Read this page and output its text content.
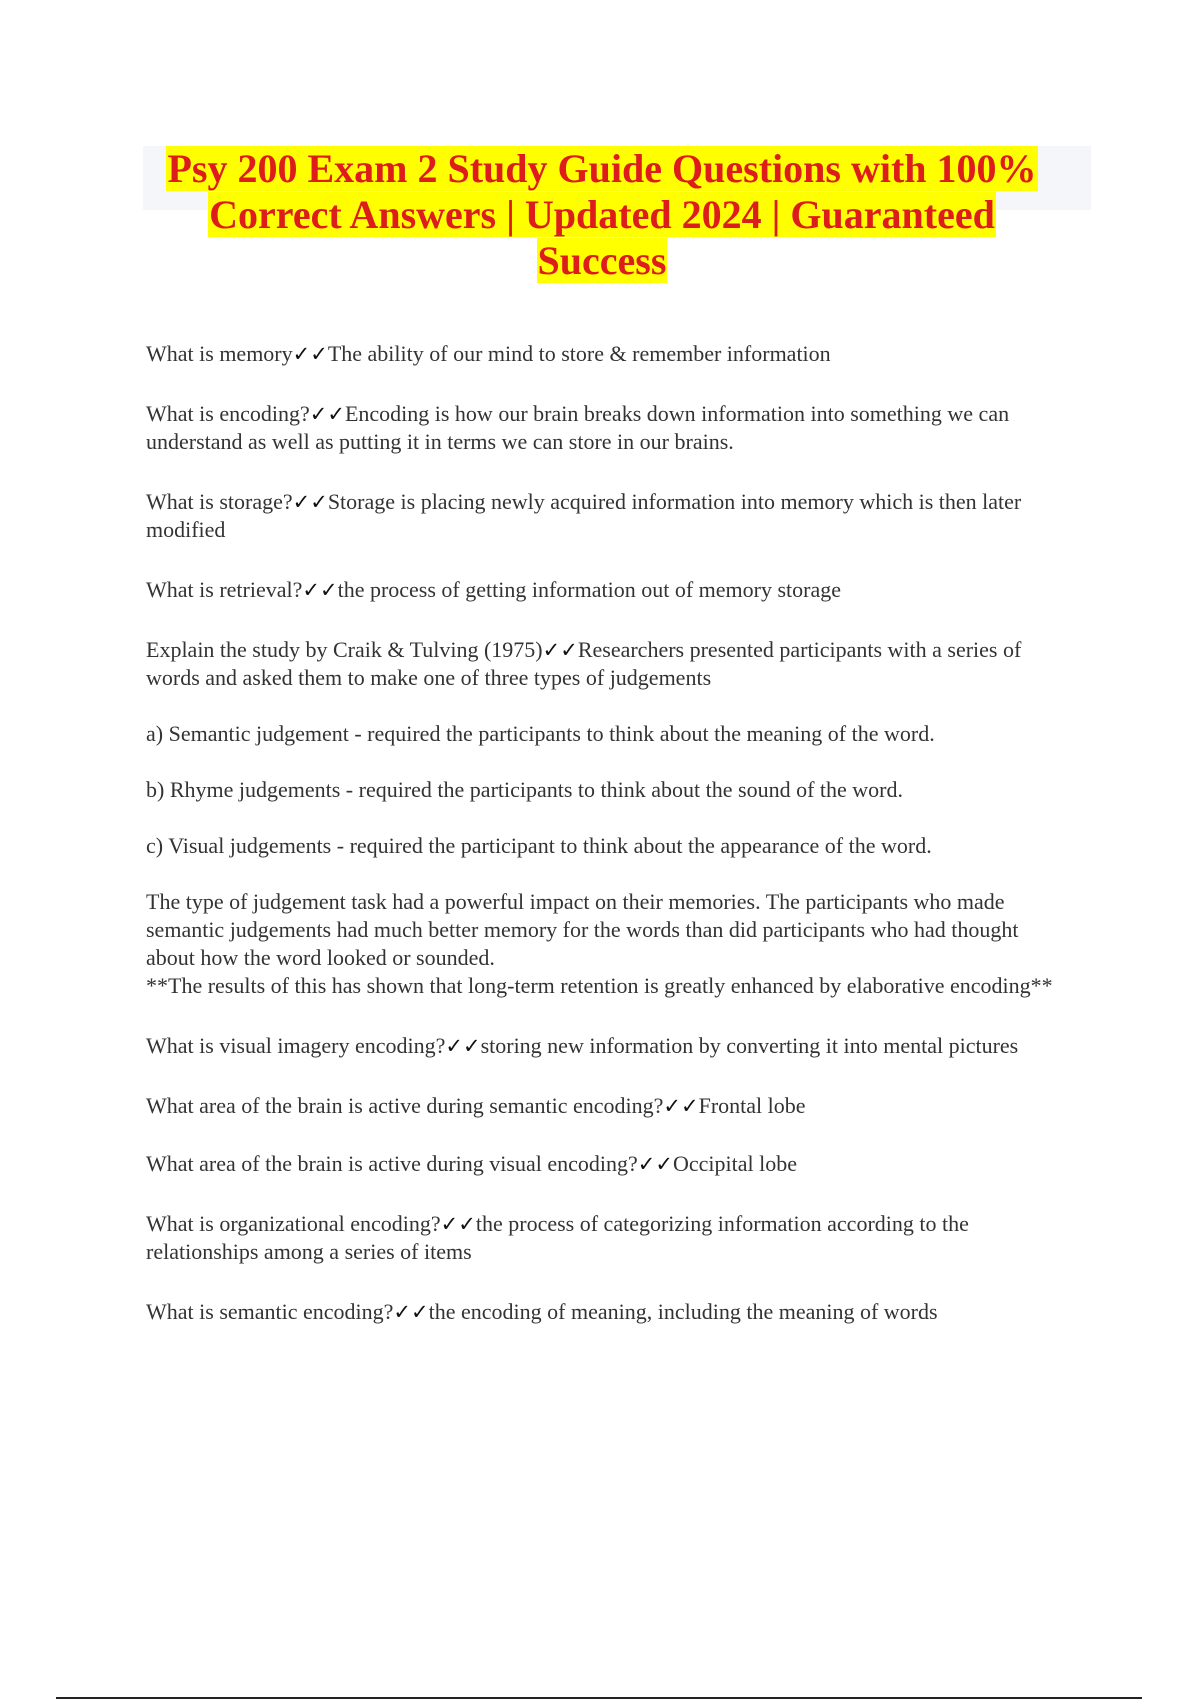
Psy 200 Exam 2 Study Guide Questions with 100% Correct Answers | Updated 2024 | Guaranteed Success

What is memory✓✓The ability of our mind to store & remember information

What is encoding?✓✓Encoding is how our brain breaks down information into something we can understand as well as putting it in terms we can store in our brains.

What is storage?✓✓Storage is placing newly acquired information into memory which is then later modified

What is retrieval?✓✓the process of getting information out of memory storage

Explain the study by Craik & Tulving (1975)✓✓Researchers presented participants with a series of words and asked them to make one of three types of judgements

a) Semantic judgement - required the participants to think about the meaning of the word.

b) Rhyme judgements - required the participants to think about the sound of the word.

c) Visual judgements - required the participant to think about the appearance of the word.

The type of judgement task had a powerful impact on their memories. The participants who made semantic judgements had much better memory for the words than did participants who had thought about how the word looked or sounded.
**The results of this has shown that long-term retention is greatly enhanced by elaborative encoding**

What is visual imagery encoding?✓✓storing new information by converting it into mental pictures

What area of the brain is active during semantic encoding?✓✓Frontal lobe

What area of the brain is active during visual encoding?✓✓Occipital lobe

What is organizational encoding?✓✓the process of categorizing information according to the relationships among a series of items

What is semantic encoding?✓✓the encoding of meaning, including the meaning of words
